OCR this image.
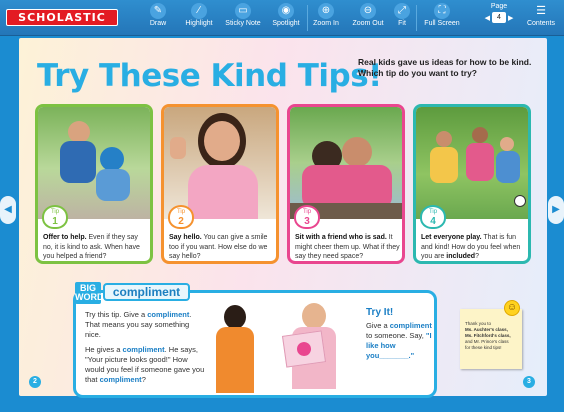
SCHOLASTIC
✎
Draw
∕
Highlight
▭
Sticky Note
◉
Spotlight
⊕
Zoom In
⊖
Zoom Out
⤢
Fit
⛶
Full Screen
Page
◀
4	▶
☰
Contents
◀	▶
Try These Kind Tips!
Real kids gave us ideas for how to be kind. Which tip do you want to try?
Tip
1
Offer to help. Even if they say no, it is kind to ask. When have you helped a friend?
Tip
2
Say hello. You can give a smile too if you want. How else do we say hello?
Tip
3
Sit with a friend who is sad. It might cheer them up. What if they say they need space?
Tip
4
Let everyone play. That is fun and kind! How do you feel when you are included?
BIG WORD compliment

Try this tip. Give a compliment. That means you say something nice.

He gives a compliment. He says, "Your picture looks good!" How would you feel if someone gave you that compliment?

Try It!
Give a compliment to someone. Say, "I like how you_______."
Thank you to
Ms. Auchter's class,
Ms. Fitchford's class,
and Mr. Prince's class
for these kind tips!
☺
2	3
